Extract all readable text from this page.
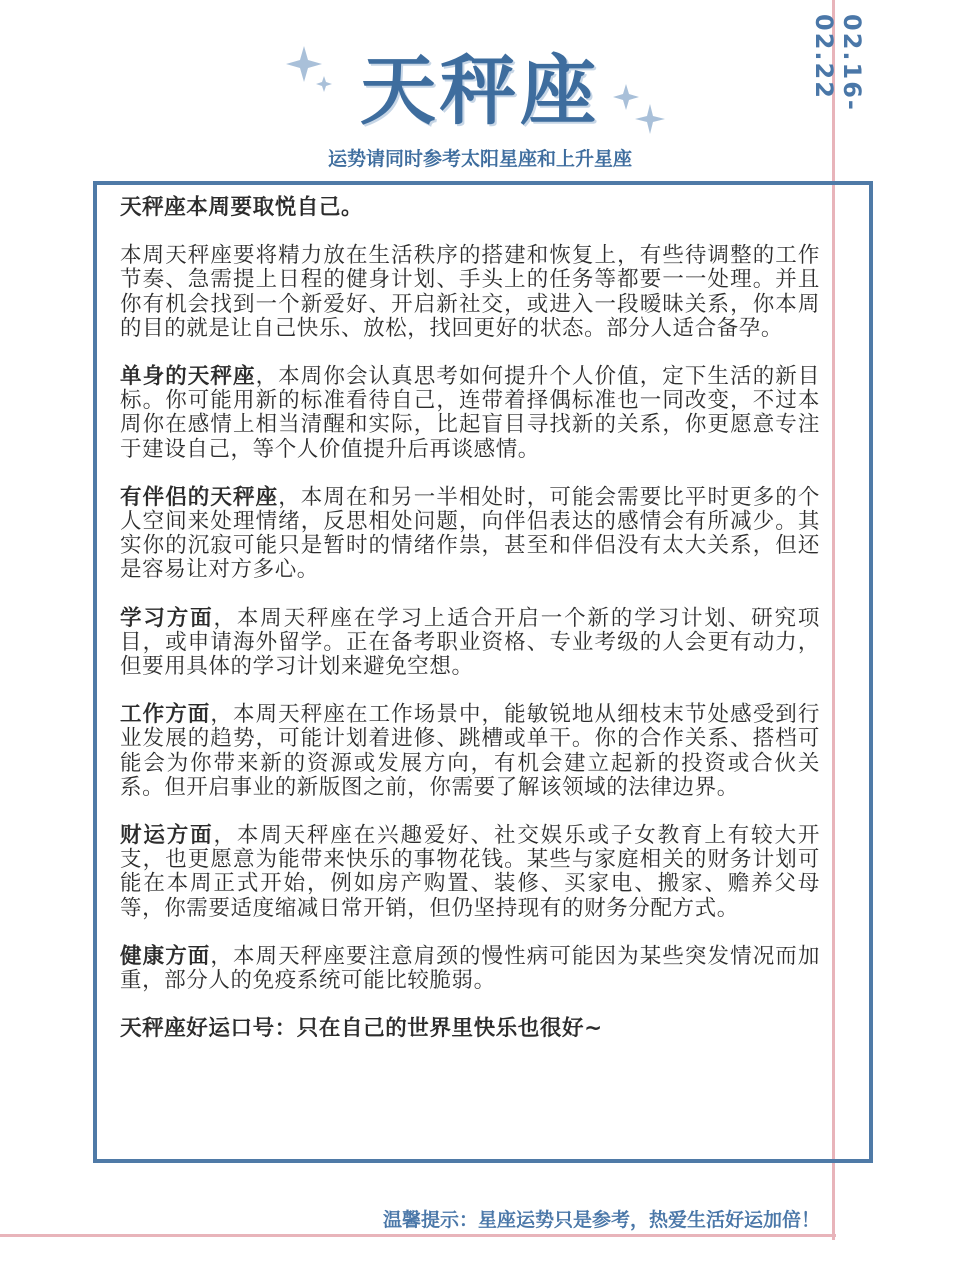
02.16-02.22
天秤座
运势请同时参考太阳星座和上升星座

天秤座本周要取悦自己。

本周天秤座要将精力放在生活秩序的搭建和恢复上，有些待调整的工作节奏、急需提上日程的健身计划、手头上的任务等都要一一处理。并且你有机会找到一个新爱好、开启新社交，或进入一段暧昧关系，你本周的目的就是让自己快乐、放松，找回更好的状态。部分人适合备孕。

单身的天秤座，本周你会认真思考如何提升个人价值，定下生活的新目标。你可能用新的标准看待自己，连带着择偶标准也一同改变，不过本周你在感情上相当清醒和实际，比起盲目寻找新的关系，你更愿意专注于建设自己，等个人价值提升后再谈感情。

有伴侣的天秤座，本周在和另一半相处时，可能会需要比平时更多的个人空间来处理情绪，反思相处问题，向伴侣表达的感情会有所减少。其实你的沉寂可能只是暂时的情绪作祟，甚至和伴侣没有太大关系，但还是容易让对方多心。

学习方面，本周天秤座在学习上适合开启一个新的学习计划、研究项目，或申请海外留学。正在备考职业资格、专业考级的人会更有动力，但要用具体的学习计划来避免空想。

工作方面，本周天秤座在工作场景中，能敏锐地从细枝末节处感受到行业发展的趋势，可能计划着进修、跳槽或单干。你的合作关系、搭档可能会为你带来新的资源或发展方向，有机会建立起新的投资或合伙关系。但开启事业的新版图之前，你需要了解该领域的法律边界。

财运方面，本周天秤座在兴趣爱好、社交娱乐或子女教育上有较大开支，也更愿意为能带来快乐的事物花钱。某些与家庭相关的财务计划可能在本周正式开始，例如房产购置、装修、买家电、搬家、赡养父母等，你需要适度缩减日常开销，但仍坚持现有的财务分配方式。

健康方面，本周天秤座要注意肩颈的慢性病可能因为某些突发情况而加重，部分人的免疫系统可能比较脆弱。

天秤座好运口号：只在自己的世界里快乐也很好~

温馨提示：星座运势只是参考，热爱生活好运加倍！
